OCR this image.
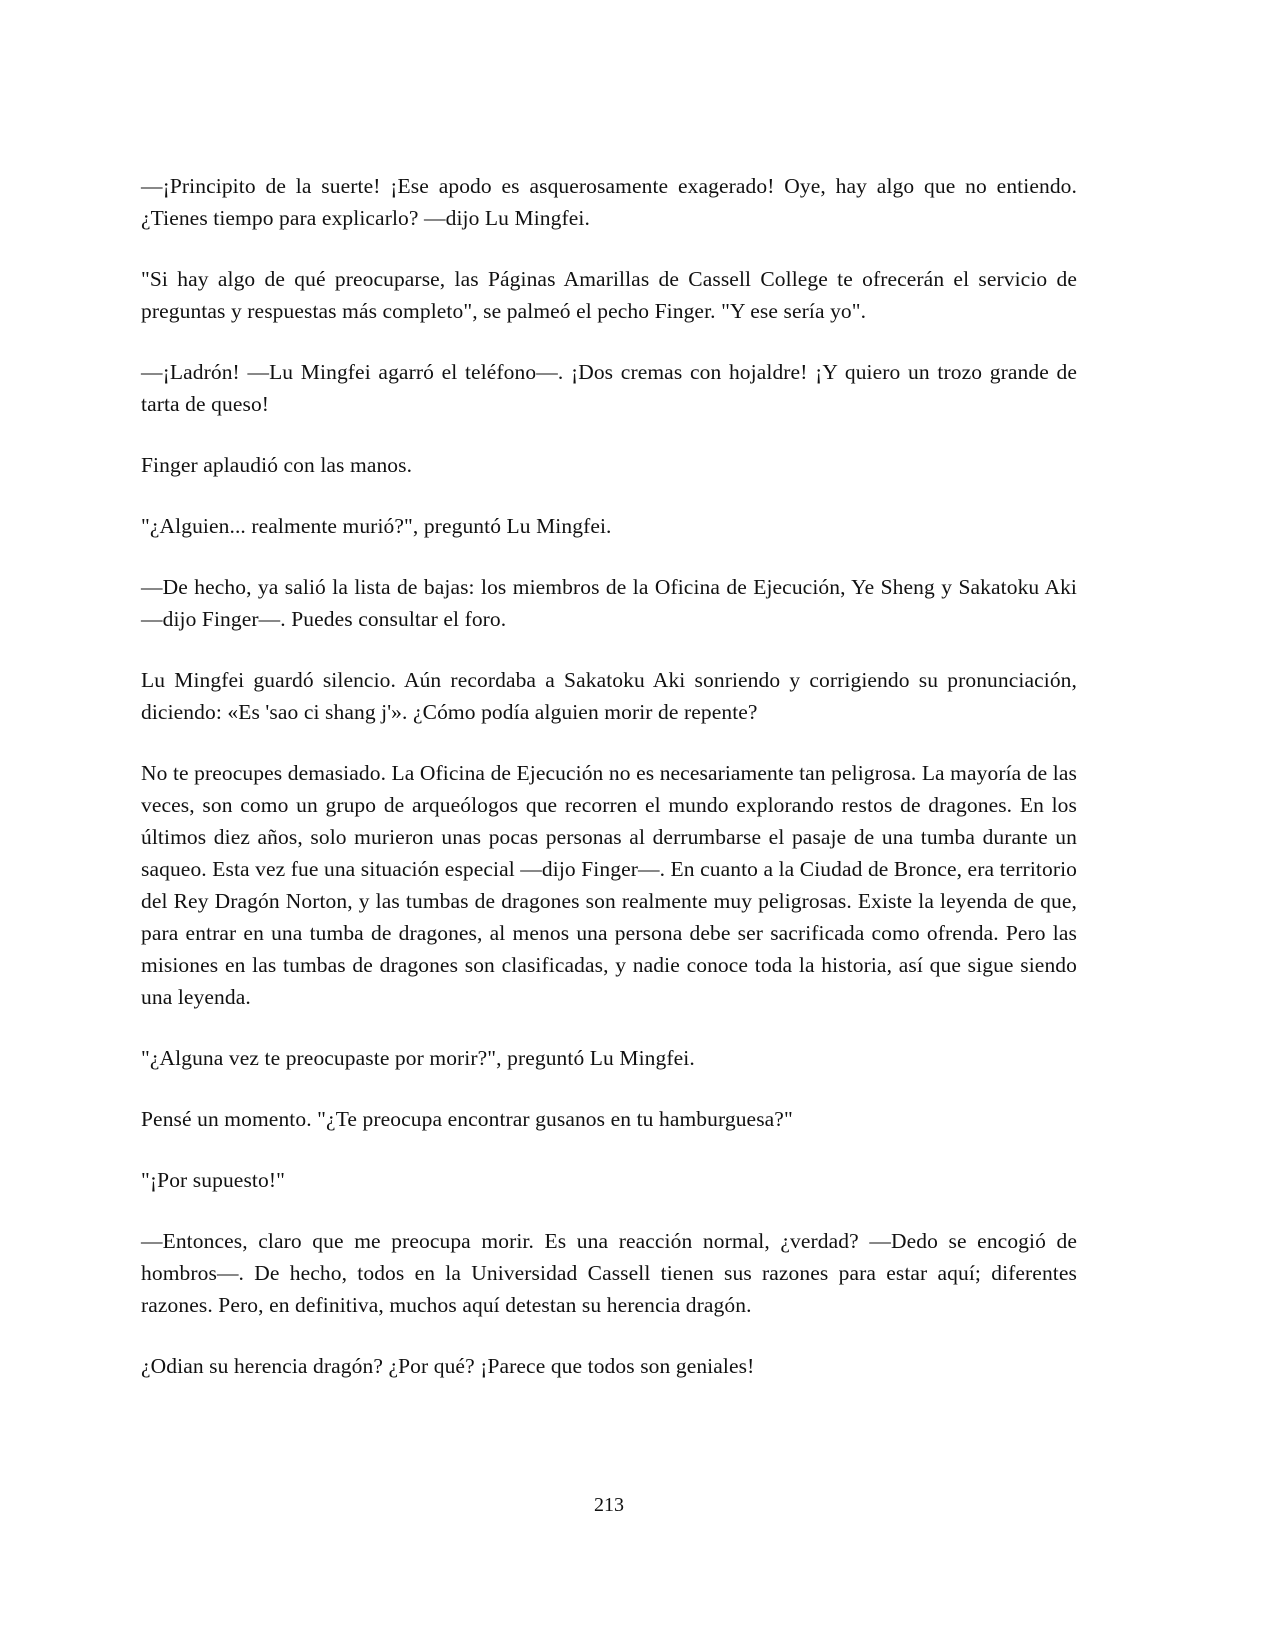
—¡Principito de la suerte! ¡Ese apodo es asquerosamente exagerado! Oye, hay algo que no entiendo. ¿Tienes tiempo para explicarlo? —dijo Lu Mingfei.

"Si hay algo de qué preocuparse, las Páginas Amarillas de Cassell College te ofrecerán el servicio de preguntas y respuestas más completo", se palmeó el pecho Finger. "Y ese sería yo".

—¡Ladrón! —Lu Mingfei agarró el teléfono—. ¡Dos cremas con hojaldre! ¡Y quiero un trozo grande de tarta de queso!

Finger aplaudió con las manos.

"¿Alguien... realmente murió?", preguntó Lu Mingfei.

—De hecho, ya salió la lista de bajas: los miembros de la Oficina de Ejecución, Ye Sheng y Sakatoku Aki —dijo Finger—. Puedes consultar el foro.

Lu Mingfei guardó silencio. Aún recordaba a Sakatoku Aki sonriendo y corrigiendo su pronunciación, diciendo: «Es 'sao ci shang j'». ¿Cómo podía alguien morir de repente?

No te preocupes demasiado. La Oficina de Ejecución no es necesariamente tan peligrosa. La mayoría de las veces, son como un grupo de arqueólogos que recorren el mundo explorando restos de dragones. En los últimos diez años, solo murieron unas pocas personas al derrumbarse el pasaje de una tumba durante un saqueo. Esta vez fue una situación especial —dijo Finger—. En cuanto a la Ciudad de Bronce, era territorio del Rey Dragón Norton, y las tumbas de dragones son realmente muy peligrosas. Existe la leyenda de que, para entrar en una tumba de dragones, al menos una persona debe ser sacrificada como ofrenda. Pero las misiones en las tumbas de dragones son clasificadas, y nadie conoce toda la historia, así que sigue siendo una leyenda.

"¿Alguna vez te preocupaste por morir?", preguntó Lu Mingfei.

Pensé un momento. "¿Te preocupa encontrar gusanos en tu hamburguesa?"

"¡Por supuesto!"

—Entonces, claro que me preocupa morir. Es una reacción normal, ¿verdad? —Dedo se encogió de hombros—. De hecho, todos en la Universidad Cassell tienen sus razones para estar aquí; diferentes razones. Pero, en definitiva, muchos aquí detestan su herencia dragón.

¿Odian su herencia dragón? ¿Por qué? ¡Parece que todos son geniales!

213
